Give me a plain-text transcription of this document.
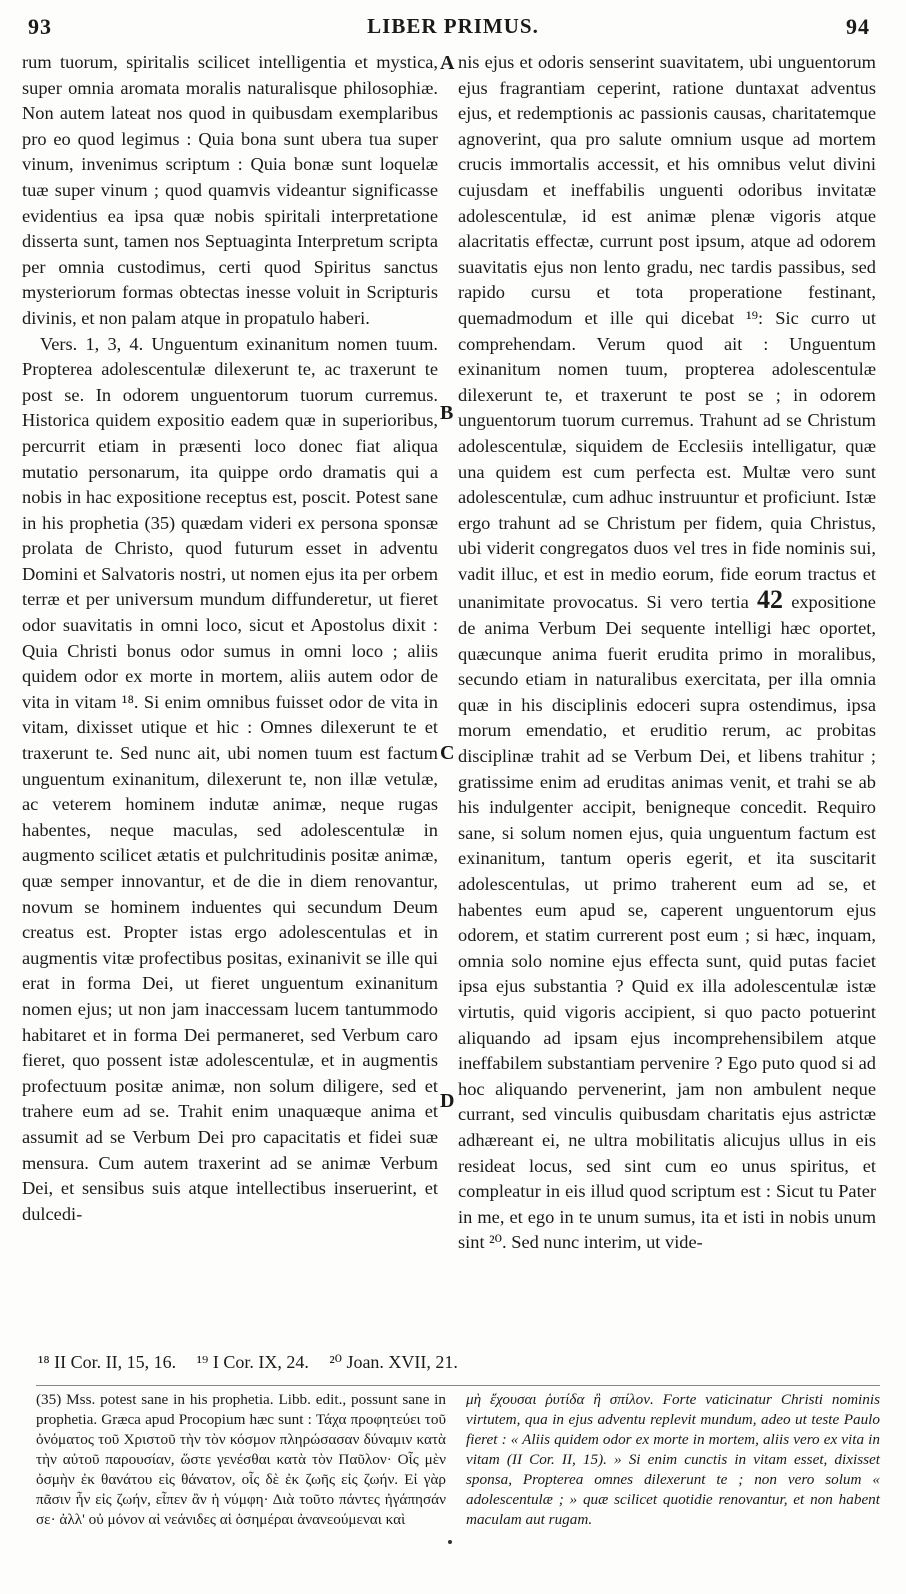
93	LIBER PRIMUS.	94

rum tuorum, spiritalis scilicet intelligentia et mystica, super omnia aromata moralis naturalisque philosophiæ. Non autem lateat nos quod in quibusdam exemplaribus pro eo quod legimus : Quia bona sunt ubera tua super vinum, invenimus scriptum : Quia bonæ sunt loquelæ tuæ super vinum ; quod quamvis videantur significasse evidentius ea ipsa quæ nobis spiritali interpretatione disserta sunt, tamen nos Septuaginta Interpretum scripta per omnia custodimus, certi quod Spiritus sanctus mysteriorum formas obtectas inesse voluit in Scripturis divinis, et non palam atque in propatulo haberi.

Vers. 1, 3, 4. Unguentum exinanitum nomen tuum. Propterea adolescentulæ dilexerunt te, ac traxerunt te post se. In odorem unguentorum tuorum curremus. Historica quidem expositio eadem quæ in superioribus, percurrit etiam in præsenti loco donec fiat aliqua mutatio personarum, ita quippe ordo dramatis qui a nobis in hac expositione receptus est, poscit. Potest sane in his prophetia (35) quædam videri ex persona sponsæ prolata de Christo, quod futurum esset in adventu Domini et Salvatoris nostri, ut nomen ejus ita per orbem terræ et per universum mundum diffunderetur, ut fieret odor suavitatis in omni loco, sicut et Apostolus dixit : Quia Christi bonus odor sumus in omni loco ; aliis quidem odor ex morte in mortem, aliis autem odor de vita in vitam ¹⁸. Si enim omnibus fuisset odor de vita in vitam, dixisset utique et hic : Omnes dilexerunt te et traxerunt te. Sed nunc ait, ubi nomen tuum est factum unguentum exinanitum, dilexerunt te, non illæ vetulæ, ac veterem hominem indutæ animæ, neque rugas habentes, neque maculas, sed adolescentulæ in augmento scilicet ætatis et pulchritudinis positæ animæ, quæ semper innovantur, et de die in diem renovantur, novum se hominem induentes qui secundum Deum creatus est. Propter istas ergo adolescentulas et in augmentis vitæ profectibus positas, exinanivit se ille qui erat in forma Dei, ut fieret unguentum exinanitum nomen ejus; ut non jam inaccessam lucem tantummodo habitaret et in forma Dei permaneret, sed Verbum caro fieret, quo possent istæ adolescentulæ, et in augmentis profectuum positæ animæ, non solum diligere, sed et trahere eum ad se. Trahit enim unaquæque anima et assumit ad se Verbum Dei pro capacitatis et fidei suæ mensura. Cum autem traxerint ad se animæ Verbum Dei, et sensibus suis atque intellectibus inseruerint, et dulcedi-

A
B
C
D

nis ejus et odoris senserint suavitatem, ubi unguentorum ejus fragrantiam ceperint, ratione duntaxat adventus ejus, et redemptionis ac passionis causas, charitatemque agnoverint, qua pro salute omnium usque ad mortem crucis immortalis accessit, et his omnibus velut divini cujusdam et ineffabilis unguenti odoribus invitatæ adolescentulæ, id est animæ plenæ vigoris atque alacritatis effectæ, currunt post ipsum, atque ad odorem suavitatis ejus non lento gradu, nec tardis passibus, sed rapido cursu et tota properatione festinant, quemadmodum et ille qui dicebat ¹⁹: Sic curro ut comprehendam. Verum quod ait : Unguentum exinanitum nomen tuum, propterea adolescentulæ dilexerunt te, et traxerunt te post se ; in odorem unguentorum tuorum curremus. Trahunt ad se Christum adolescentulæ, siquidem de Ecclesiis intelligatur, quæ una quidem est cum perfecta est. Multæ vero sunt adolescentulæ, cum adhuc instruuntur et proficiunt. Istæ ergo trahunt ad se Christum per fidem, quia Christus, ubi viderit congregatos duos vel tres in fide nominis sui, vadit illuc, et est in medio eorum, fide eorum tractus et unanimitate provocatus. Si vero tertia 42 expositione de anima Verbum Dei sequente intelligi hæc oportet, quæcunque anima fuerit erudita primo in moralibus, secundo etiam in naturalibus exercitata, per illa omnia quæ in his disciplinis edoceri supra ostendimus, ipsa morum emendatio, et eruditio rerum, ac probitas disciplinæ trahit ad se Verbum Dei, et libens trahitur ; gratissime enim ad eruditas animas venit, et trahi se ab his indulgenter accipit, benigneque concedit. Requiro sane, si solum nomen ejus, quia unguentum factum est exinanitum, tantum operis egerit, et ita suscitarit adolescentulas, ut primo traherent eum ad se, et habentes eum apud se, caperent unguentorum ejus odorem, et statim currerent post eum ; si hæc, inquam, omnia solo nomine ejus effecta sunt, quid putas faciet ipsa ejus substantia ? Quid ex illa adolescentulæ istæ virtutis, quid vigoris accipient, si quo pacto potuerint aliquando ad ipsam ejus incomprehensibilem atque ineffabilem substantiam pervenire ? Ego puto quod si ad hoc aliquando pervenerint, jam non ambulent neque currant, sed vinculis quibusdam charitatis ejus astrictæ adhæreant ei, ne ultra mobilitatis alicujus ullus in eis resideat locus, sed sint cum eo unus spiritus, et compleatur in eis illud quod scriptum est : Sicut tu Pater in me, et ego in te unum sumus, ita et isti in nobis unum sint ²⁰. Sed nunc interim, ut vide-

¹⁸ II Cor. II, 15, 16. ¹⁹ I Cor. IX, 24. ²⁰ Joan. XVII, 21.
(35) Mss. potest sane in his prophetia. Libb. edit., possunt sane in prophetia. Græca apud Procopium hæc sunt : Τάχα προφητεύει τοῦ ὀνόματος τοῦ Χριστοῦ τὴν τὸν κόσμον πληρώσασαν δύναμιν κατὰ τὴν αὐτοῦ παρουσίαν, ὥστε γενέσθαι κατὰ τὸν Παῦλον· Οἷς μὲν ὀσμὴν ἐκ θανάτου εἰς θάνατον, οἷς δὲ ἐκ ζωῆς εἰς ζωήν. Εἰ γὰρ πᾶσιν ἦν εἰς ζωήν, εἶπεν ἂν ἡ νύμφη· Διὰ τοῦτο πάντες ἠγάπησάν σε· ἀλλ' οὐ μόνον αἱ νεάνιδες αἱ ὁσημέραι ἀνανεούμεναι καὶ
μὴ ἔχουσαι ῥυτίδα ἢ σπίλον. Forte vaticinatur Christi nominis virtutem, qua in ejus adventu replevit mundum, adeo ut teste Paulo fieret : « Aliis quidem odor ex morte in mortem, aliis vero ex vita in vitam (II Cor. II, 15). » Si enim cunctis in vitam esset, dixisset sponsa, Propterea omnes dilexerunt te ; non vero solum « adolescentulæ ; » quæ scilicet quotidie renovantur, et non habent maculam aut rugam.
